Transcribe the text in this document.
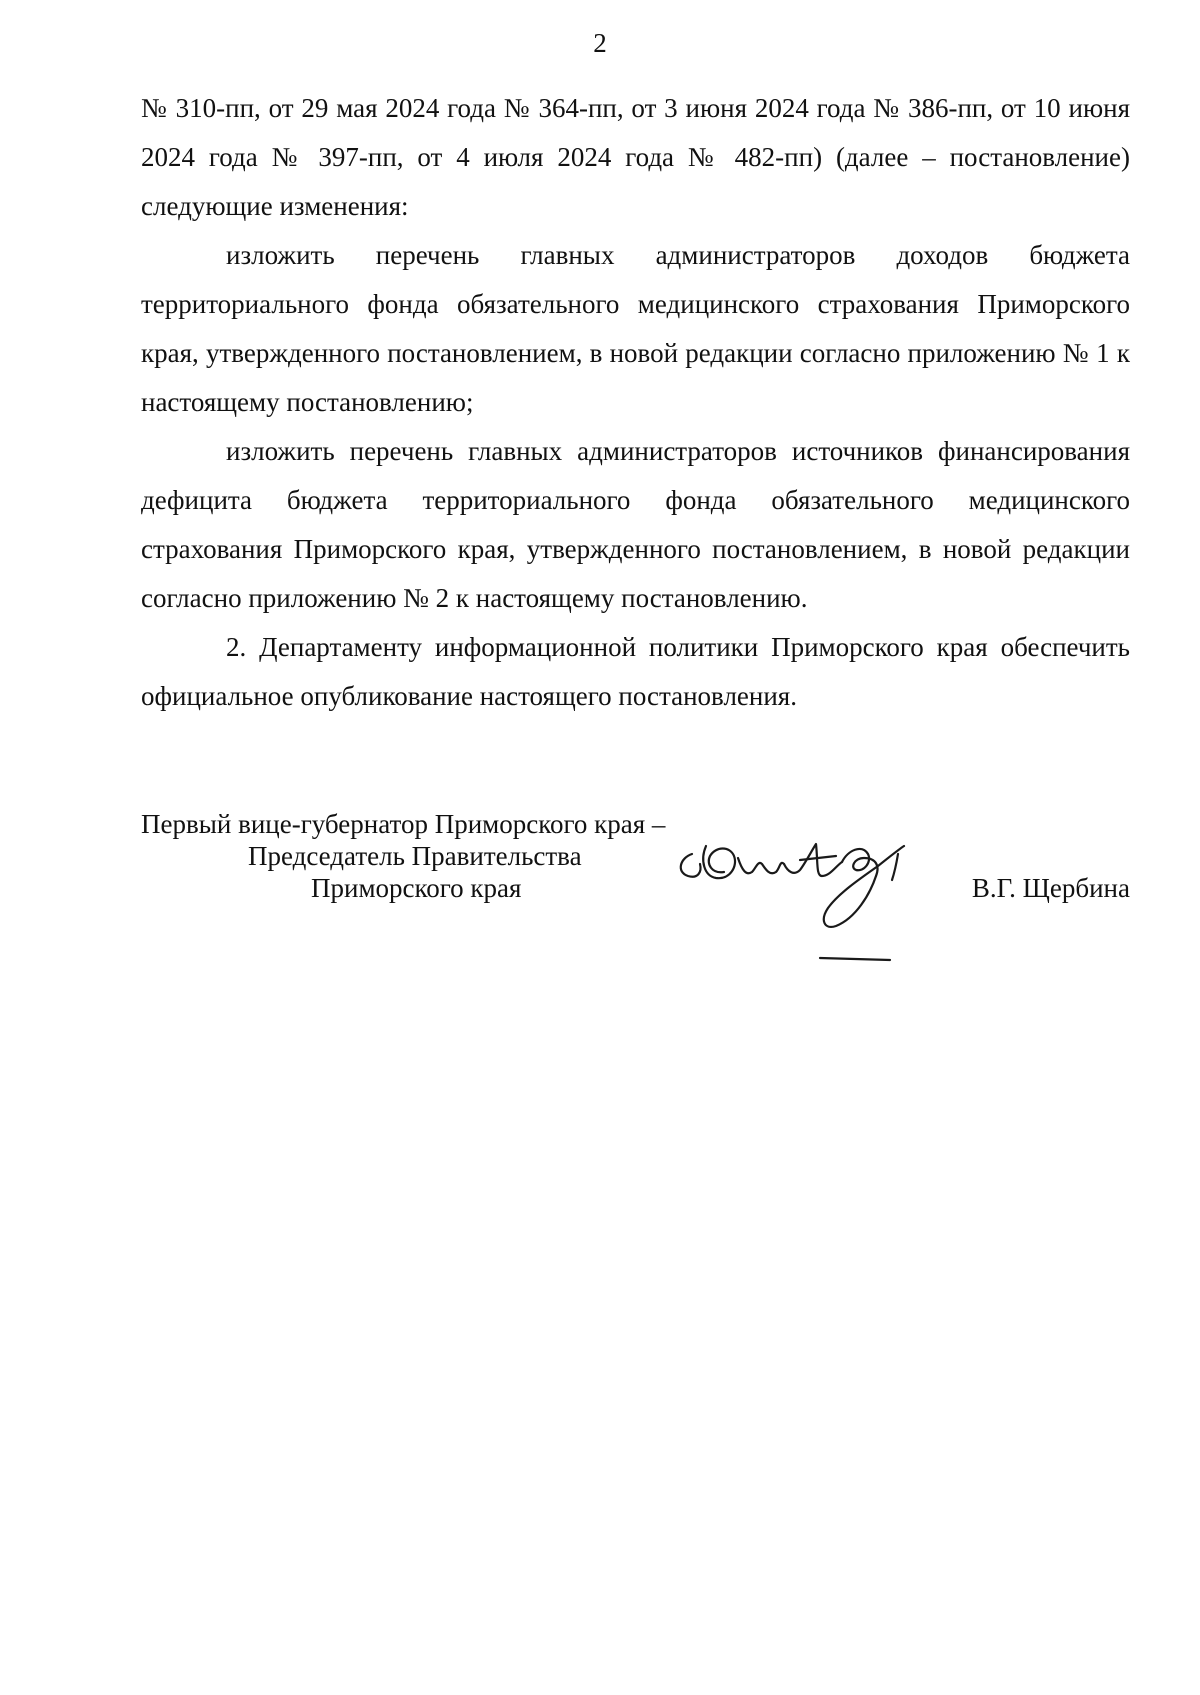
2

№ 310-пп, от 29 мая 2024 года № 364-пп, от 3 июня 2024 года № 386-пп, от 10 июня 2024 года № 397-пп, от 4 июля 2024 года № 482-пп) (далее – постановление) следующие изменения:

изложить перечень главных администраторов доходов бюджета территориального фонда обязательного медицинского страхования Приморского края, утвержденного постановлением, в новой редакции согласно приложению № 1 к настоящему постановлению;

изложить перечень главных администраторов источников финансирования дефицита бюджета территориального фонда обязательного медицинского страхования Приморского края, утвержденного постановлением, в новой редакции согласно приложению № 2 к настоящему постановлению.

2. Департаменту информационной политики Приморского края обеспечить официальное опубликование настоящего постановления.

Первый вице-губернатор Приморского края –
Председатель Правительства
Приморского края	В.Г. Щербина
